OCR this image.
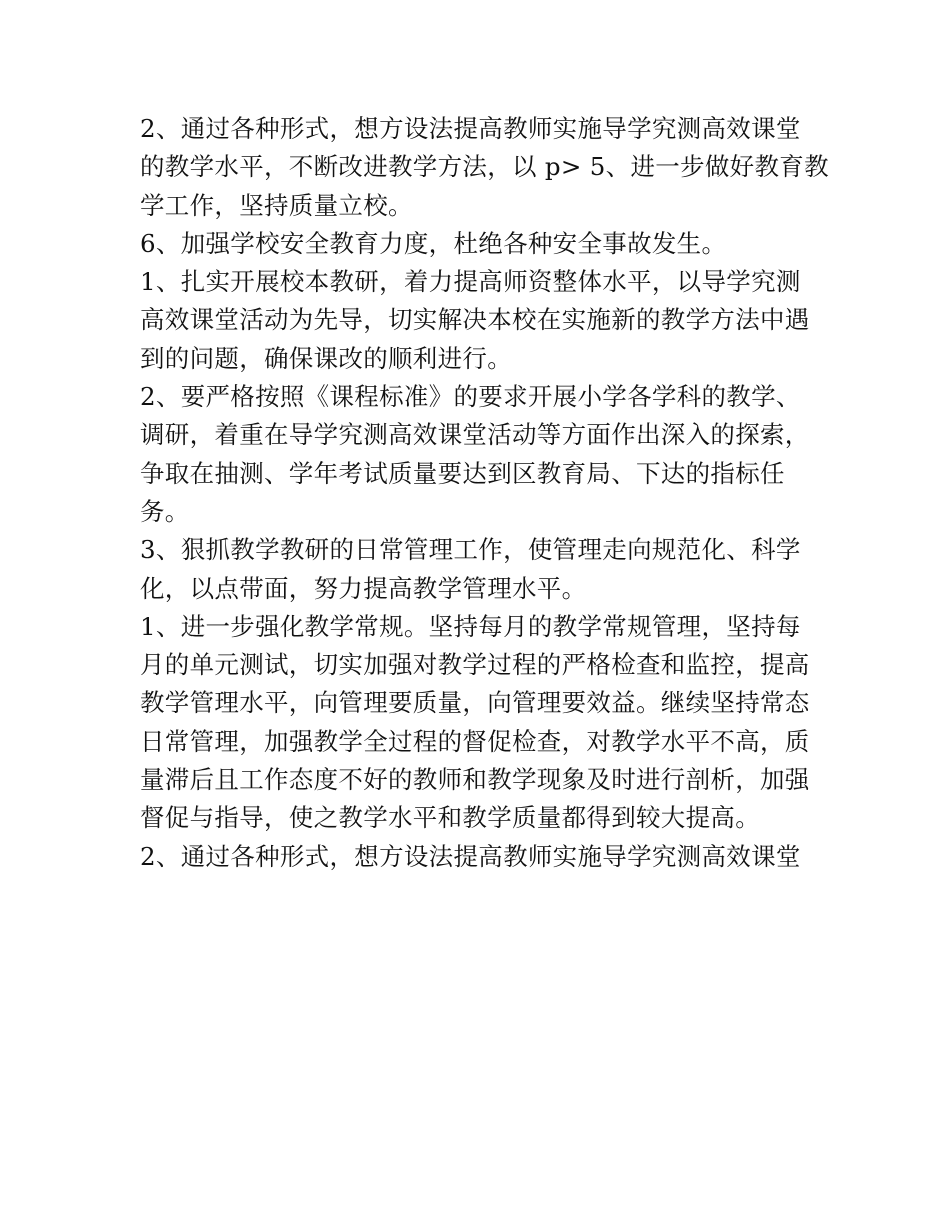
2、通过各种形式，想方设法提高教师实施导学究测高效课堂
的教学水平，不断改进教学方法，以 p> 5、进一步做好教育教
学工作，坚持质量立校。

6、加强学校安全教育力度，杜绝各种安全事故发生。

1、扎实开展校本教研，着力提高师资整体水平，以导学究测
高效课堂活动为先导，切实解决本校在实施新的教学方法中遇
到的问题，确保课改的顺利进行。

2、要严格按照《课程标准》的要求开展小学各学科的教学、
调研，着重在导学究测高效课堂活动等方面作出深入的探索，
争取在抽测、学年考试质量要达到区教育局、下达的指标任
务。

3、狠抓教学教研的日常管理工作，使管理走向规范化、科学
化，以点带面，努力提高教学管理水平。

1、进一步强化教学常规。坚持每月的教学常规管理，坚持每
月的单元测试，切实加强对教学过程的严格检查和监控，提高
教学管理水平，向管理要质量，向管理要效益。继续坚持常态
日常管理，加强教学全过程的督促检查，对教学水平不高，质
量滞后且工作态度不好的教师和教学现象及时进行剖析，加强
督促与指导，使之教学水平和教学质量都得到较大提高。

2、通过各种形式，想方设法提高教师实施导学究测高效课堂
